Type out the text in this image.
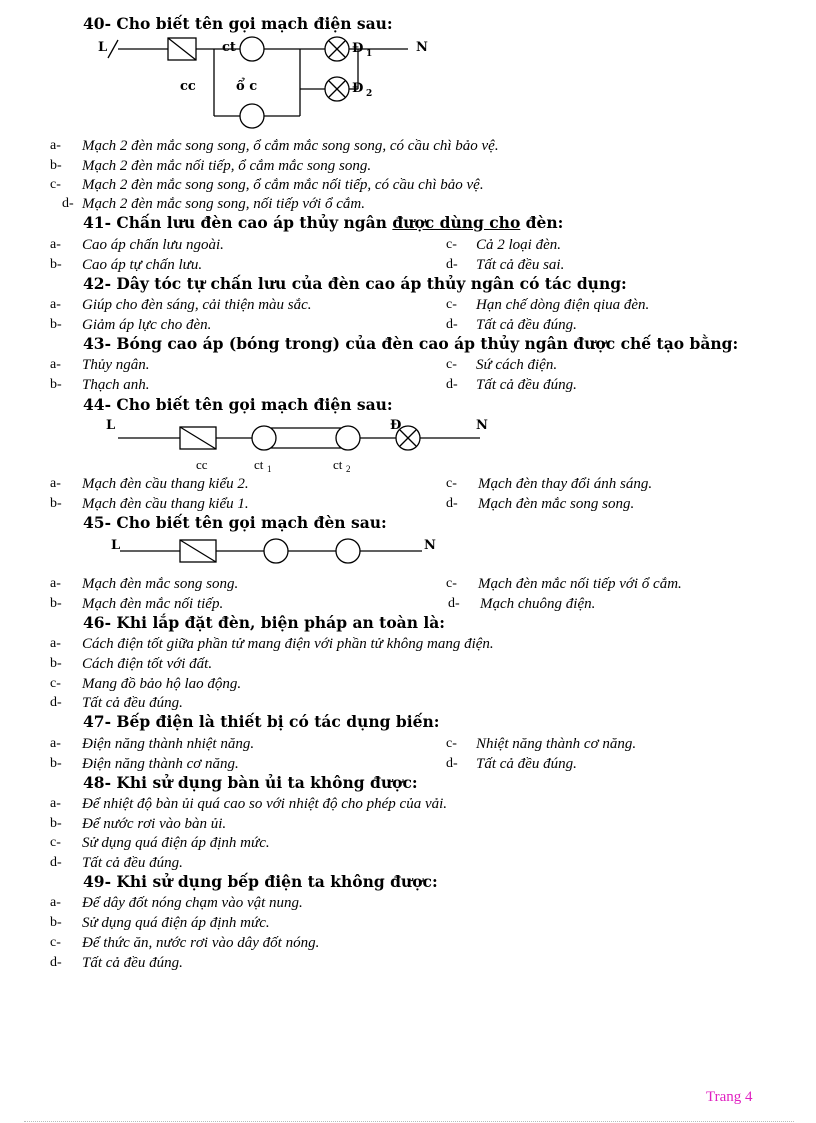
40- Cho biết tên gọi mạch điện sau:
L	ct	N
cc	ổ c
Đ 1
Đ 2
a- Mạch 2 đèn mắc song song, ổ cắm mắc song song, có cầu chì bảo vệ.
b- Mạch 2 đèn mắc nối tiếp, ổ cắm mắc song song.
c- Mạch 2 đèn mắc song song, ổ cắm mắc nối tiếp, có cầu chì bảo vệ.
d- Mạch 2 đèn mắc song song, nối tiếp với ổ cắm.
41- Chấn lưu đèn cao áp thủy ngân được dùng cho đèn:
a- Cao áp chấn lưu ngoài.	c- Cả 2 loại đèn.
b- Cao áp tự chấn lưu.	d- Tất cả đều sai.
42- Dây tóc tự chấn lưu của đèn cao áp thủy ngân có tác dụng:
a- Giúp cho đèn sáng, cải thiện màu sắc.	c- Hạn chế dòng điện qiua đèn.
b- Giảm áp lực cho đèn.	d- Tất cả đều đúng.
43- Bóng cao áp (bóng trong) của đèn cao áp thủy ngân được chế tạo bằng:
a- Thủy ngân.	c- Sứ cách điện.
b- Thạch anh.	d- Tất cả đều đúng.
44- Cho biết tên gọi mạch điện sau:
L	N
Đ
cc	ct 1	ct 2
a- Mạch đèn cầu thang kiểu 2.	c- Mạch đèn thay đổi ánh sáng.
b- Mạch đèn cầu thang kiểu 1.	d- Mạch đèn mắc song song.
45- Cho biết tên gọi mạch đèn sau:
L	N
a- Mạch đèn mắc song song.	c- Mạch đèn mắc nối tiếp với ổ cắm.
b- Mạch đèn mắc nối tiếp.	d- Mạch chuông điện.
46- Khi lắp đặt đèn, biện pháp an toàn là:
a- Cách điện tốt giữa phần tử mang điện với phần tử không mang điện.
b- Cách điện tốt với đất.
c- Mang đồ bảo hộ lao động.
d- Tất cả đều đúng.
47- Bếp điện là thiết bị có tác dụng biến:
a- Điện năng thành nhiệt năng.	c- Nhiệt năng thành cơ năng.
b- Điện năng thành cơ năng.	d- Tất cả đều đúng.
48- Khi sử dụng bàn ủi ta không được:
a- Để nhiệt độ bàn ủi quá cao so với nhiệt độ cho phép của vải.
b- Để nước rơi vào bàn ủi.
c- Sử dụng quá điện áp định mức.
d- Tất cả đều đúng.
49- Khi sử dụng bếp điện ta không được:
a- Để dây đốt nóng chạm vào vật nung.
b- Sử dụng quá điện áp định mức.
c- Để thức ăn, nước rơi vào dây đốt nóng.
d- Tất cả đều đúng.
Trang 4
